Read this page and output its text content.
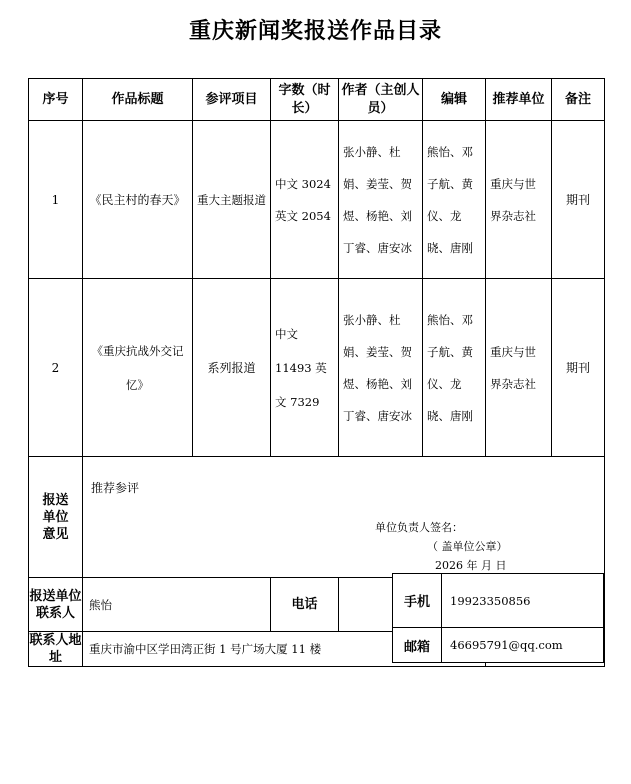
重庆新闻奖报送作品目录
序号	作品标题	参评项目	字数（时长）	作者（主创人员）	编辑	推荐单位	备注
1	《民主村的春天》	重大主题报道	中文 3024 英文 2054	张小静、杜娟、姜莹、贺煜、杨艳、刘丁睿、唐安冰	熊怡、邓子航、黄仪、龙晓、唐刚	重庆与世界杂志社	期刊
2	《重庆抗战外交记忆》	系列报道	中文 11493 英文 7329	张小静、杜娟、姜莹、贺煜、杨艳、刘丁睿、唐安冰	熊怡、邓子航、黄仪、龙晓、唐刚	重庆与世界杂志社	期刊
报送单位意见	推荐参评
单位负责人签名：
（ 盖单位公章）
2026 年 月 日						

报送单位联系人	熊怡		电话				
联系人地址	重庆市渝中区学田湾正街 1 号广场大厦 11 楼						
手机	19923350856
邮箱	46695791@qq.com
